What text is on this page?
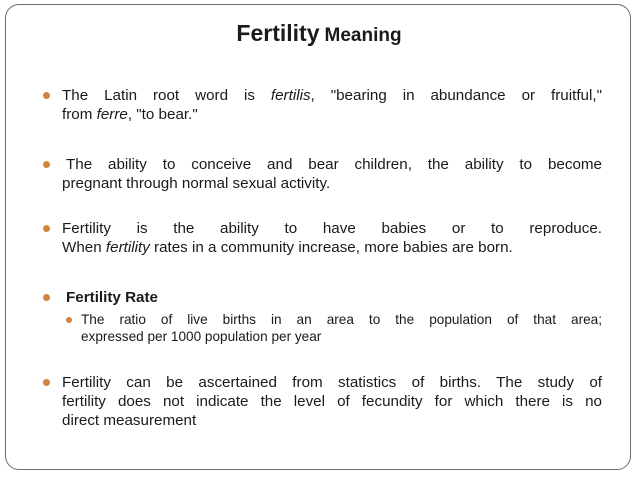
Fertility Meaning
The Latin root word is fertilis, "bearing in abundance or fruitful,"
from ferre, "to bear."
The ability to conceive and bear children, the ability to become
pregnant through normal sexual activity.
Fertility is the ability to have babies or to reproduce.
When fertility rates in a community increase, more babies are born.
Fertility Rate
The ratio of live births in an area to the population of that area;
expressed per 1000 population per year
Fertility can be ascertained from statistics of births. The study of
fertility does not indicate the level of fecundity for which there is no
direct measurement
